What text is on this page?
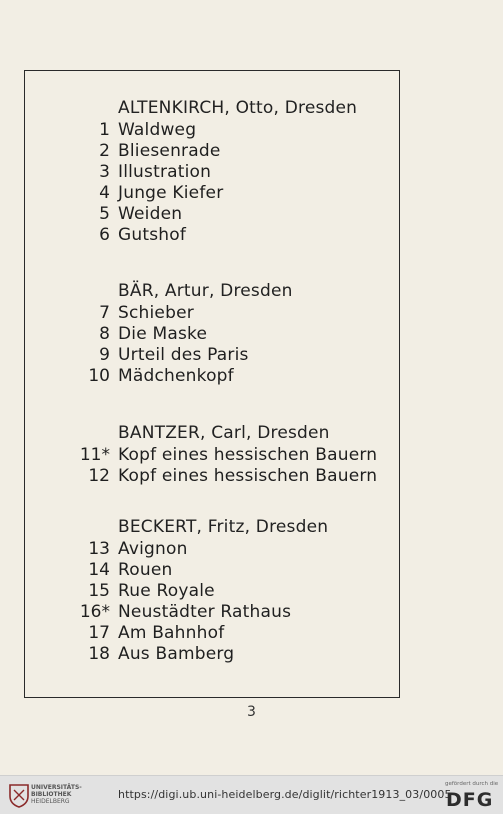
ALTENKIRCH, Otto, Dresden
1 Waldweg
2 Bliesenrade
3 Illustration
4 Junge Kiefer
5 Weiden
6 Gutshof
BÄR, Artur, Dresden
7 Schieber
8 Die Maske
9 Urteil des Paris
10 Mädchenkopf
BANTZER, Carl, Dresden
11* Kopf eines hessischen Bauern
12 Kopf eines hessischen Bauern
BECKERT, Fritz, Dresden
13 Avignon
14 Rouen
15 Rue Royale
16* Neustädter Rathaus
17 Am Bahnhof
18 Aus Bamberg
3
UNIVERSITÄTS-
BIBLIOTHEK
HEIDELBERG
https://digi.ub.uni-heidelberg.de/diglit/richter1913_03/0005
gefördert durch die
DFG
